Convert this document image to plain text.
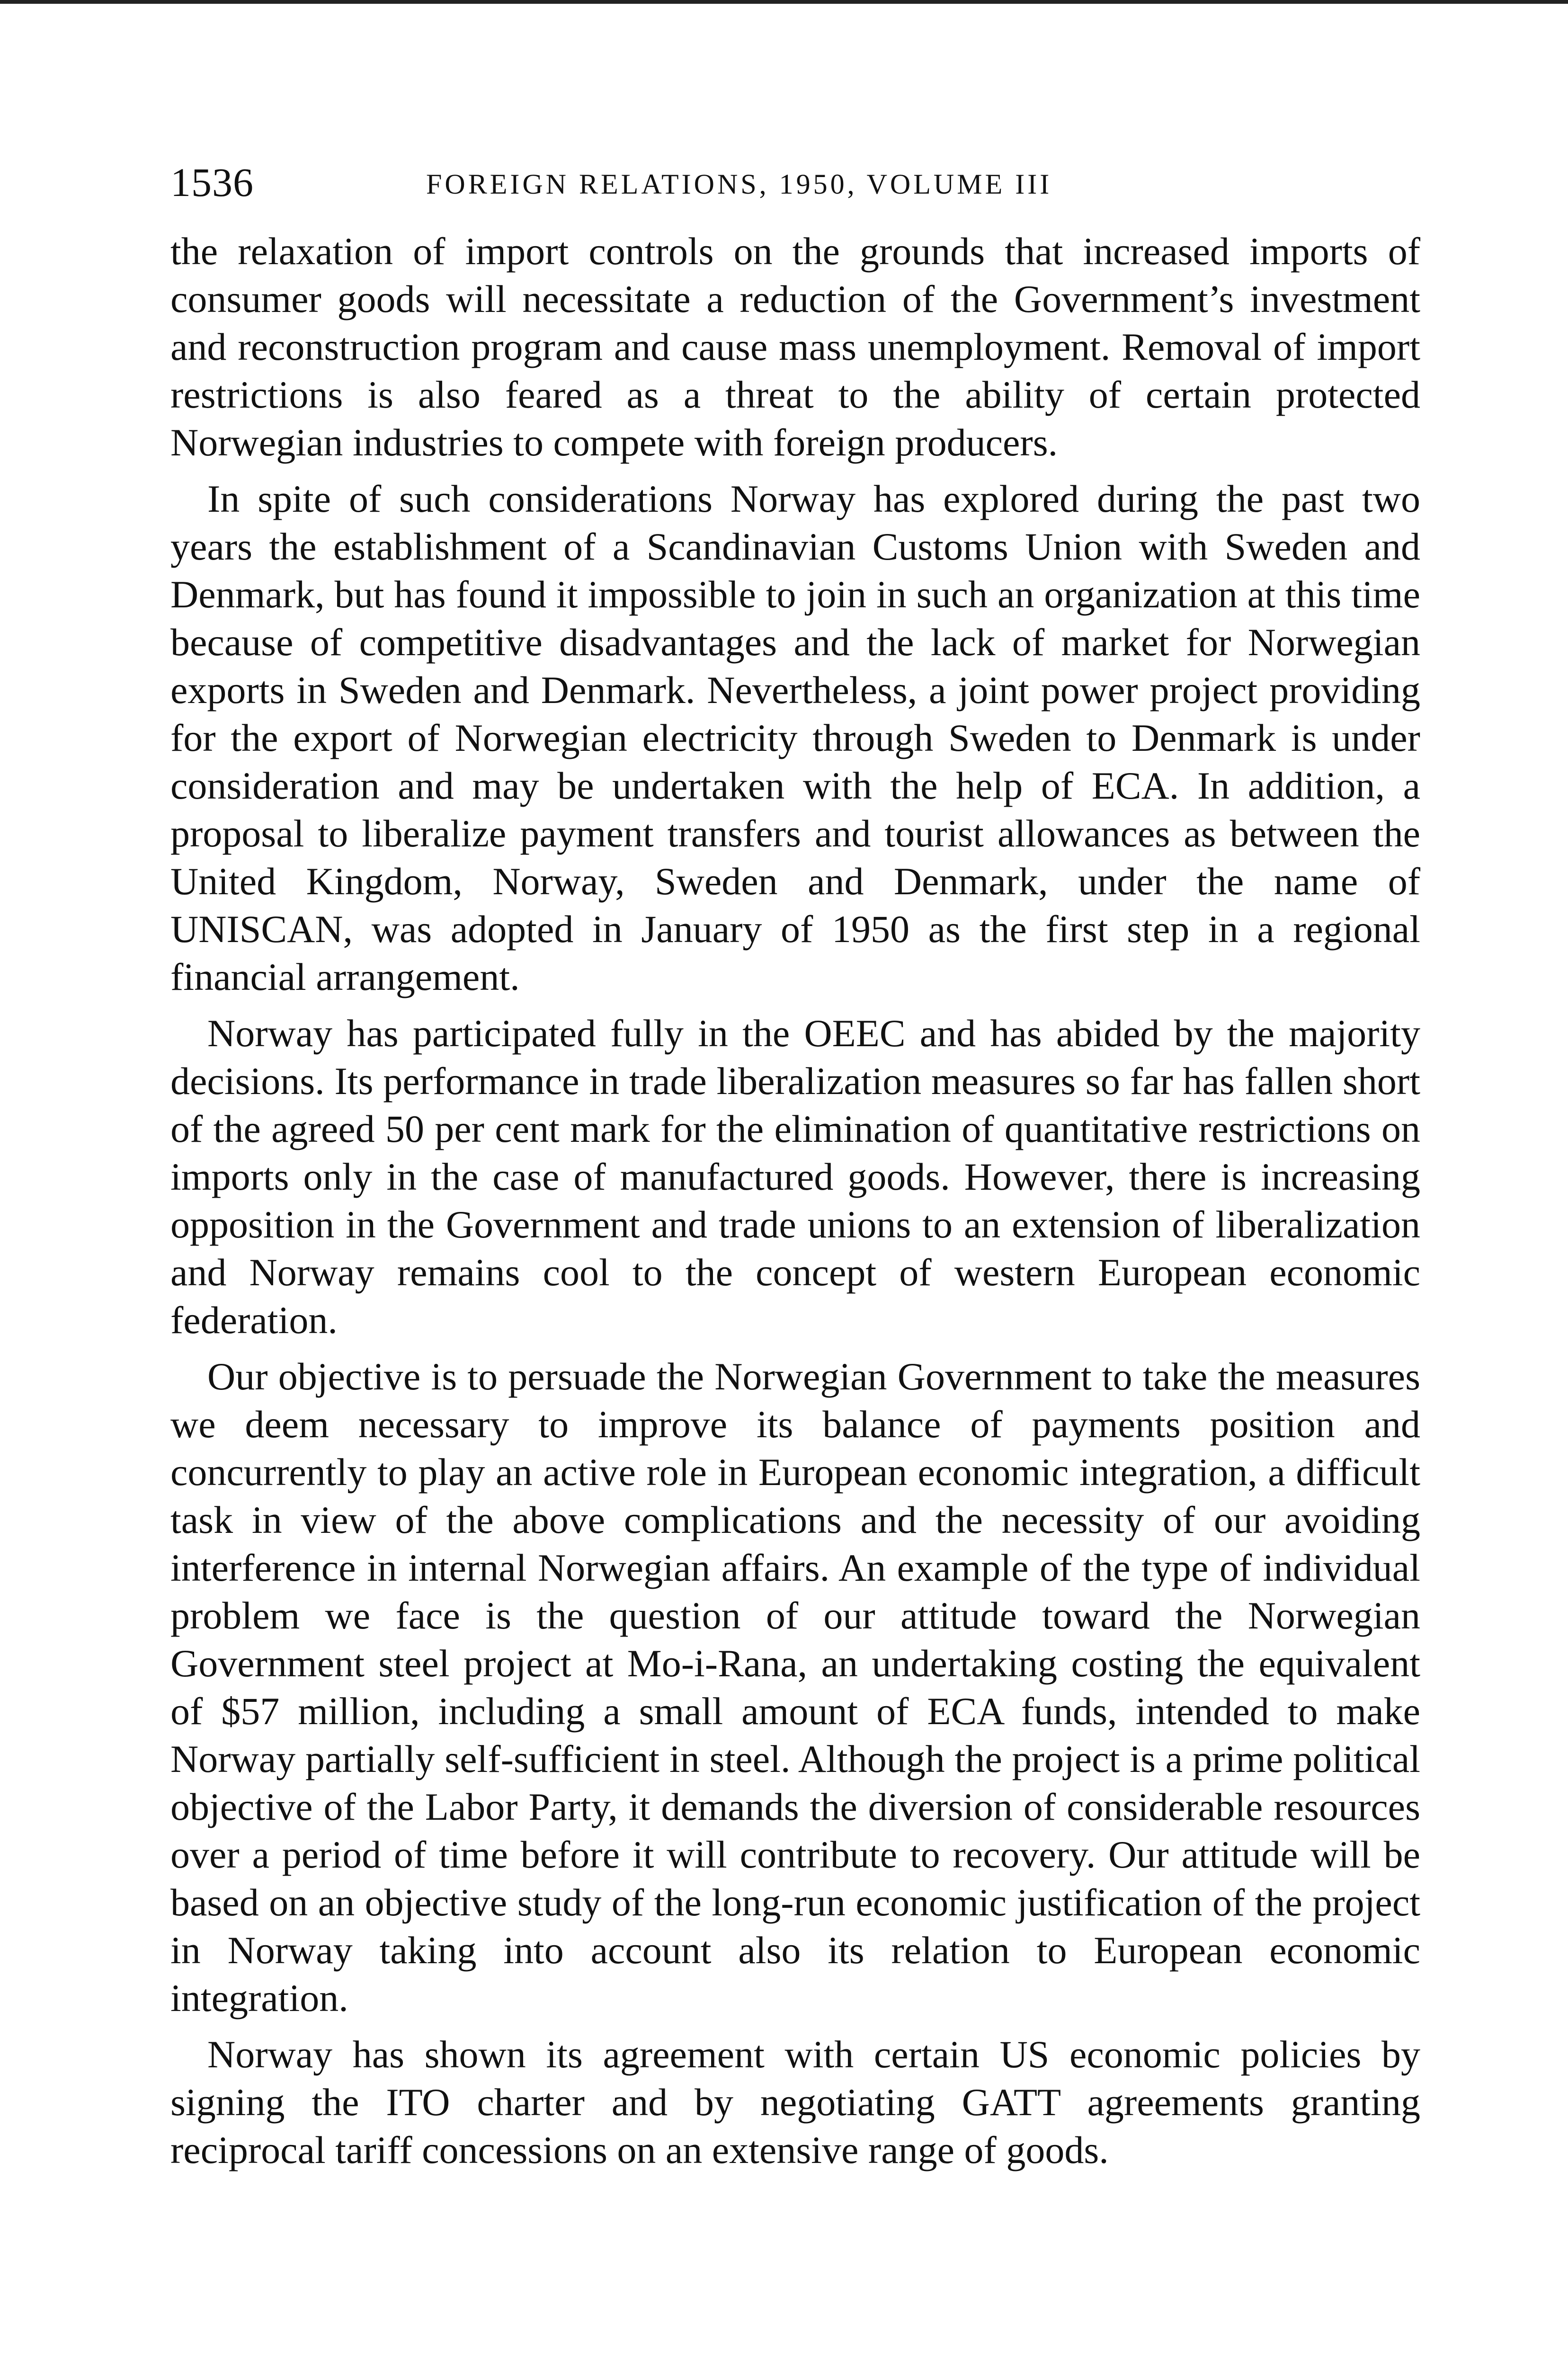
1536	FOREIGN RELATIONS, 1950, VOLUME III

the relaxation of import controls on the grounds that increased imports of consumer goods will necessitate a reduction of the Government’s investment and reconstruction program and cause mass unemployment. Removal of import restrictions is also feared as a threat to the ability of certain protected Norwegian industries to compete with foreign producers.

In spite of such considerations Norway has explored during the past two years the establishment of a Scandinavian Customs Union with Sweden and Denmark, but has found it impossible to join in such an organization at this time because of competitive disadvantages and the lack of market for Norwegian exports in Sweden and Denmark. Nevertheless, a joint power project providing for the export of Norwegian electricity through Sweden to Denmark is under consideration and may be undertaken with the help of ECA. In addition, a proposal to liberalize payment transfers and tourist allowances as between the United Kingdom, Norway, Sweden and Denmark, under the name of UNISCAN, was adopted in January of 1950 as the first step in a regional financial arrangement.

Norway has participated fully in the OEEC and has abided by the majority decisions. Its performance in trade liberalization measures so far has fallen short of the agreed 50 per cent mark for the elimination of quantitative restrictions on imports only in the case of manufactured goods. However, there is increasing opposition in the Government and trade unions to an extension of liberalization and Norway remains cool to the concept of western European economic federation.

Our objective is to persuade the Norwegian Government to take the measures we deem necessary to improve its balance of payments position and concurrently to play an active role in European economic integration, a difficult task in view of the above complications and the necessity of our avoiding interference in internal Norwegian affairs. An example of the type of individual problem we face is the question of our attitude toward the Norwegian Government steel project at Mo-i-Rana, an undertaking costing the equivalent of $57 million, including a small amount of ECA funds, intended to make Norway partially self-sufficient in steel. Although the project is a prime political objective of the Labor Party, it demands the diversion of considerable resources over a period of time before it will contribute to recovery. Our attitude will be based on an objective study of the long-run economic justification of the project in Norway taking into account also its relation to European economic integration.

Norway has shown its agreement with certain US economic policies by signing the ITO charter and by negotiating GATT agreements granting reciprocal tariff concessions on an extensive range of goods.
